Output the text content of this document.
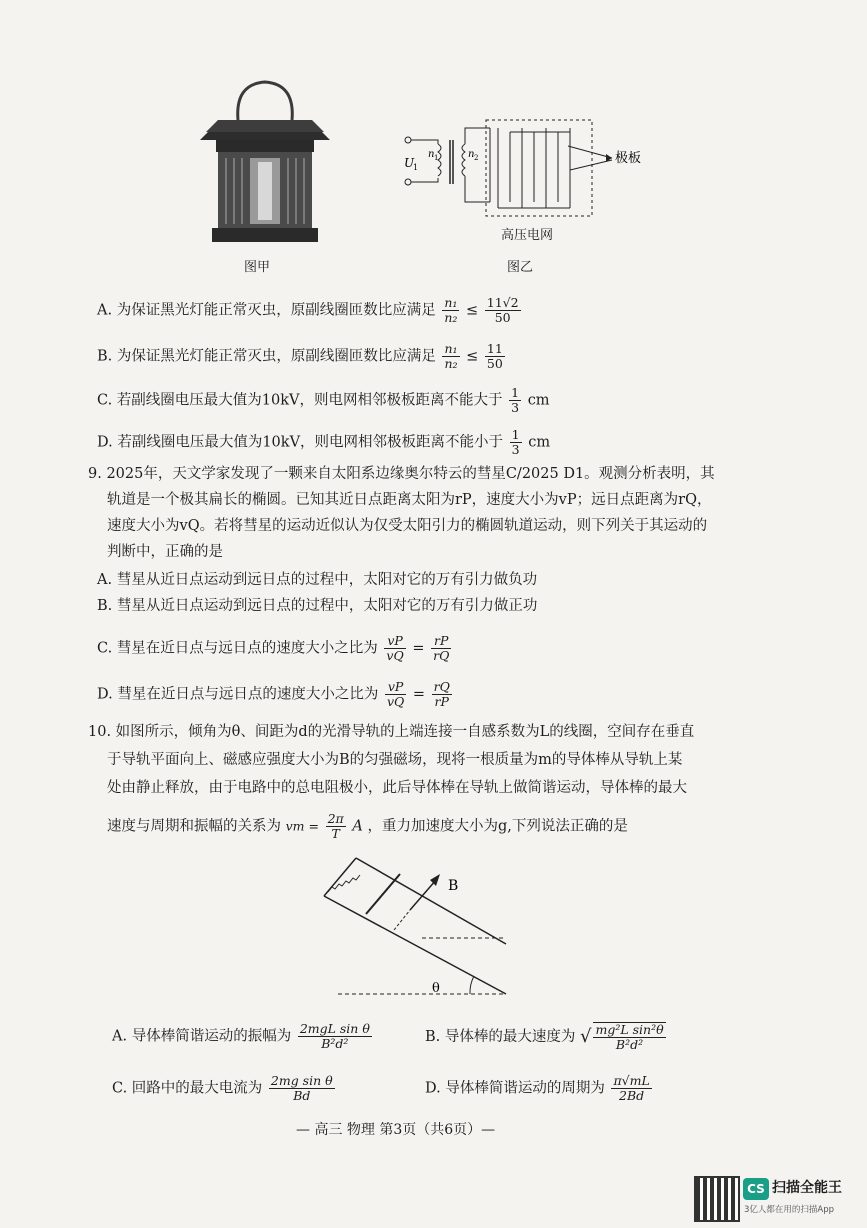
图甲
U
1
n 1	n 2	极板
高压电网
图乙
A. 为保证黑光灯能正常灭虫，原副线圈匝数比应满足 $\frac{\text{n₁}}{\text{n₂}} \le \frac{11√2}{50}$
B. 为保证黑光灯能正常灭虫，原副线圈匝数比应满足 $\frac{\text{n₁}}{\text{n₂}} \le \frac{11}{50}$
C. 若副线圈电压最大值为10kV，则电网相邻极板距离不能大于 $\frac{1}{3}$ cm
D. 若副线圈电压最大值为10kV，则电网相邻极板距离不能小于 $\frac{1}{3}$ cm
9. 2025年，天文学家发现了一颗来自太阳系边缘奥尔特云的彗星C/2025 D1。观测分析表明，其
轨道是一个极其扁长的椭圆。已知其近日点距离太阳为rP，速度大小为vP；远日点距离为rQ，
速度大小为vQ。若将彗星的运动近似认为仅受太阳引力的椭圆轨道运动，则下列关于其运动的
判断中，正确的是
A. 彗星从近日点运动到远日点的过程中，太阳对它的万有引力做负功
B. 彗星从近日点运动到远日点的过程中，太阳对它的万有引力做正功
C. 彗星在近日点与远日点的速度大小之比为 $\frac{vP}{vQ} = \frac{rP}{rQ}$
D. 彗星在近日点与远日点的速度大小之比为 $\frac{vP}{vQ} = \frac{rQ}{rP}$
10. 如图所示，倾角为θ、间距为d的光滑导轨的上端连接一自感系数为L的线圈，空间存在垂直
于导轨平面向上、磁感应强度大小为B的匀强磁场，现将一根质量为m的导体棒从导轨上某
处由静止释放，由于电路中的总电阻极小，此后导体棒在导轨上做简谐运动，导体棒的最大
速度与周期和振幅的关系为 vm = $\frac{2\pi}{T}$ A ，重力加速度大小为g,下列说法正确的是
B
θ
A. 导体棒简谐运动的振幅为 $\frac{\text{2mgL sin θ}}{\text{B²d²}}$	B. 导体棒的最大速度为 √ $\frac{\text{mg²L sin²θ}}{\text{B²d²}}$
C. 回路中的最大电流为 $\frac{\text{2mg sin θ}}{Bd}$	D. 导体棒简谐运动的周期为 $\frac{\pi√mL}{2Bd}$
— 高三 物理 第3页（共6页）—
CS 扫描全能王
3亿人都在用的扫描App
